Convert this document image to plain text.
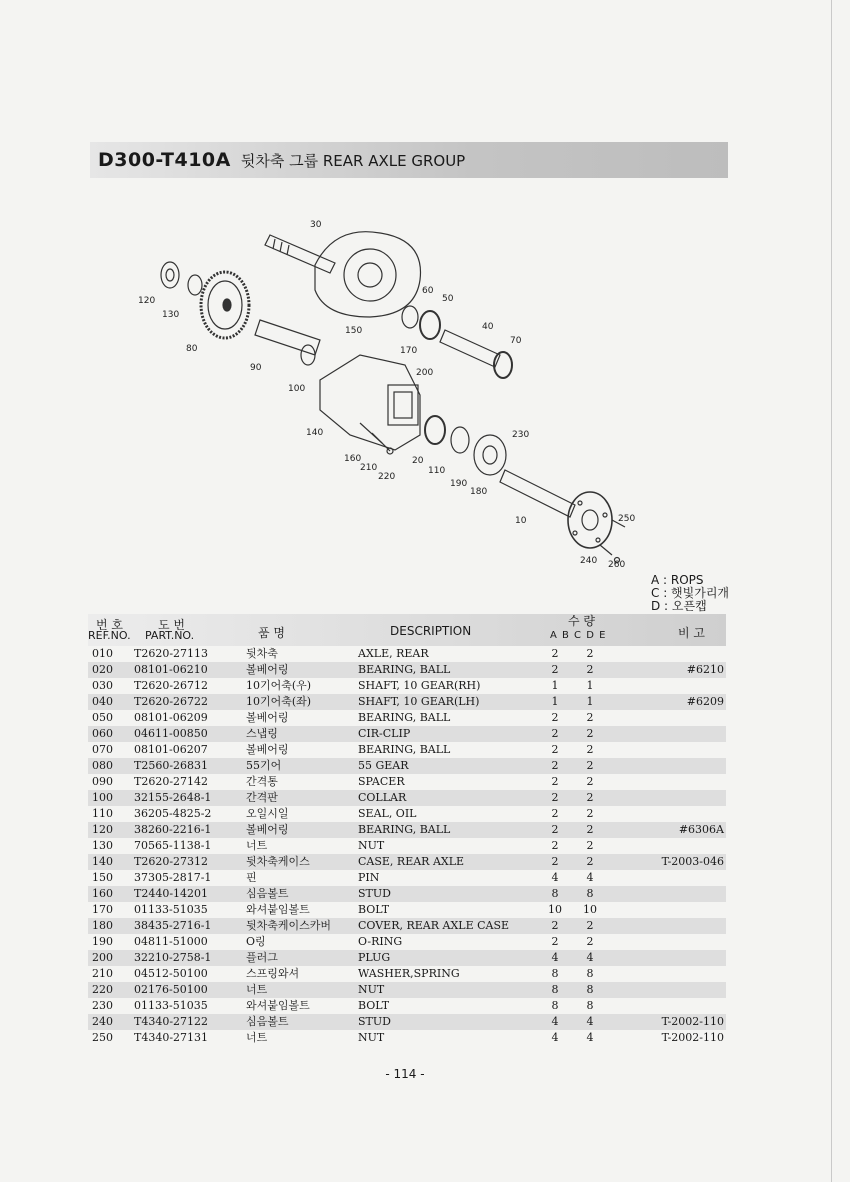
D300-T410A 뒷차축 그룹 REAR AXLE GROUP
30
120
130
80
60
50
40
70
150
170
200
90
100
140	230
20
110
160
210
220
190
180
10	250
240 260
A : ROPS
C : 햇빛가리개
D : 오픈캡
번 호
REF.NO.
도 번
PART.NO.	품 명	DESCRIPTION
수 량
A B C D E	비 고
010 T2620-27113	뒷차축	AXLE, REAR	2	2
020 08101-06210	볼베어링	BEARING, BALL	2	2	#6210
030 T2620-26712	10기어축(우)	SHAFT, 10 GEAR(RH)	1	1
040 T2620-26722	10기어축(좌)	SHAFT, 10 GEAR(LH)	1	1	#6209
050 08101-06209	볼베어링	BEARING, BALL	2	2
060 04611-00850	스냅링	CIR-CLIP	2	2
070 08101-06207	볼베어링	BEARING, BALL	2	2
080 T2560-26831	55기어	55 GEAR	2	2
090 T2620-27142	간격통	SPACER	2	2
100 32155-2648-1	간격판	COLLAR	2	2
110 36205-4825-2	오일시일	SEAL, OIL	2	2
120 38260-2216-1	볼베어링	BEARING, BALL	2	2	#6306A
130 70565-1138-1	너트	NUT	2	2
140 T2620-27312	뒷차축케이스	CASE, REAR AXLE	2	2	T-2003-046
150 37305-2817-1	핀	PIN	4	4
160 T2440-14201	심음볼트	STUD	8	8
170 01133-51035	와셔붙임볼트	BOLT	10	10
180 38435-2716-1	뒷차축케이스카버 COVER, REAR AXLE CASE	2	2
190 04811-51000	O링	O-RING	2	2
200 32210-2758-1	플러그	PLUG	4	4
210 04512-50100	스프링와셔	WASHER,SPRING	8	8
220 02176-50100	너트	NUT	8	8
230 01133-51035	와셔붙임볼트	BOLT	8	8
240 T4340-27122	심음볼트	STUD	4	4	T-2002-110
250 T4340-27131	너트	NUT	4	4	T-2002-110
- 114 -
